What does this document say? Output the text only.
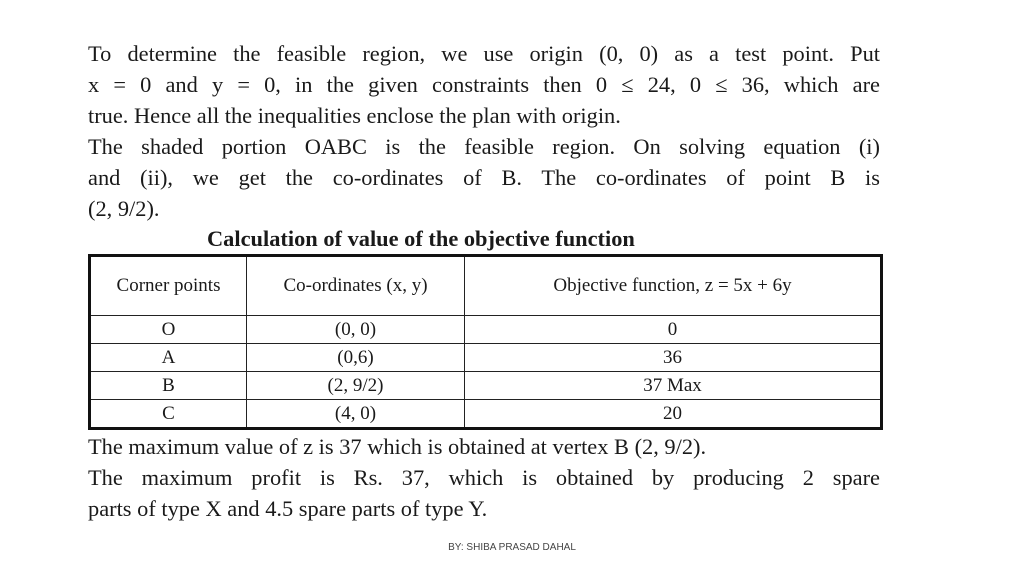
To determine the feasible region, we use origin (0, 0) as a test point. Put
x = 0 and y = 0, in the given constraints then 0 ≤ 24, 0 ≤ 36, which are
true. Hence all the inequalities enclose the plan with origin.

The shaded portion OABC is the feasible region. On solving equation (i)
and (ii), we get the co-ordinates of B. The co-ordinates of point B is
(2, 9/2).

Calculation of value of the objective function
Corner points	Co-ordinates (x, y)	Objective function, z = 5x + 6y
O	(0, 0)	0
A	(0,6)	36
B	(2, 9/2)	37 Max
C	(4, 0)	20

The maximum value of z is 37 which is obtained at vertex B (2, 9/2).
The maximum profit is Rs. 37, which is obtained by producing 2 spare
parts of type X and 4.5 spare parts of type Y.

BY: SHIBA PRASAD DAHAL
